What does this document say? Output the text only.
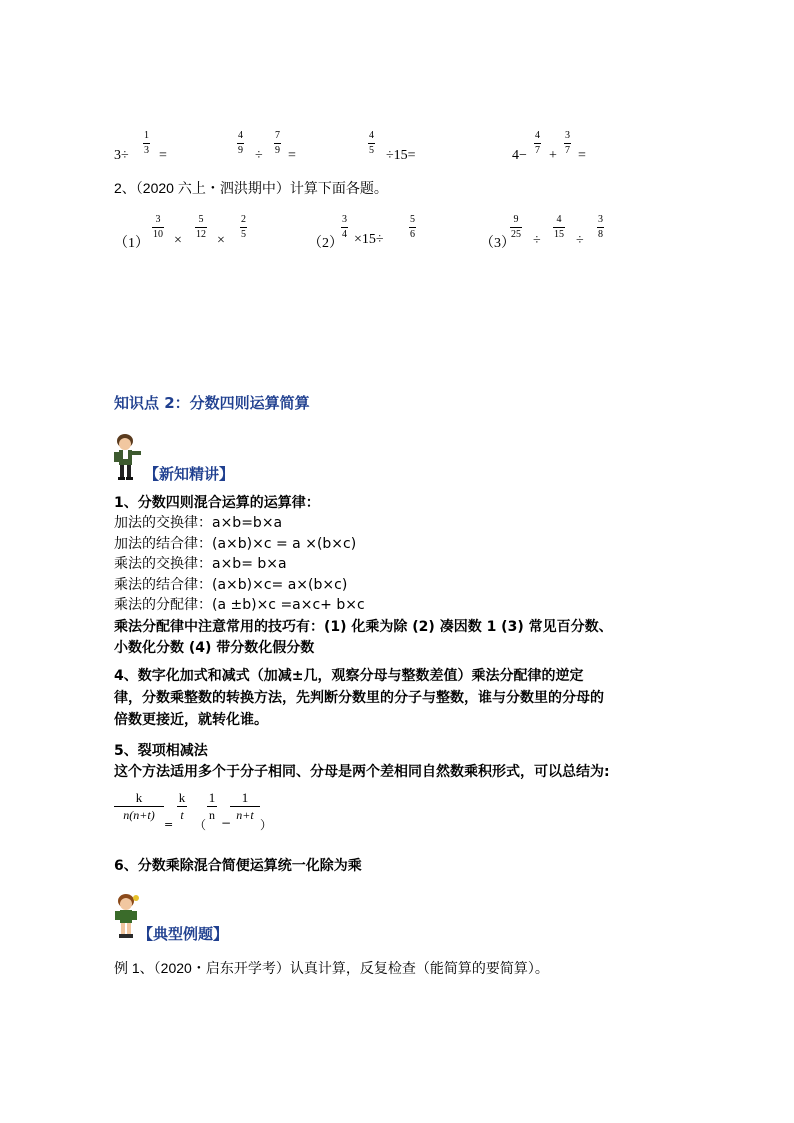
3÷
1
3 =
4
9 ÷
7
9 =
4
5 ÷15=	4−
4
7 +
3
7 =
2、（2020 六上・泗洪期中）计算下面各题。
（1）
3
10 ×
5
12 ×
2
5
（2）
3
4 ×15÷
5
6
（3）
9
25 ÷
4
15 ÷
3
8
知识点 2：分数四则运算简算
【新知精讲】
1、分数四则混合运算的运算律：
加法的交换律：a×b=b×a
加法的结合律：(a×b)×c = a ×(b×c)
乘法的交换律：a×b= b×a
乘法的结合律：(a×b)×c= a×(b×c)
乘法的分配律：(a ±b)×c =a×c+ b×c
乘法分配律中注意常用的技巧有：(1) 化乘为除 (2) 凑因数 1 (3) 常见百分数、
小数化分数 (4) 带分数化假分数
4、数字化加式和减式（加减±几，观察分母与整数差值）乘法分配律的逆定
律，分数乘整数的转换方法，先判断分数里的分子与整数，谁与分数里的分母的
倍数更接近，就转化谁。
5、裂项相减法
这个方法适用多个于分子相同、分母是两个差相同自然数乘积形式，可以总结为:
k
n(n+t)
=
k
t
（
1
n
−
1
n+t
）
6、分数乘除混合简便运算统一化除为乘
【典型例题】
例 1、（2020・启东开学考）认真计算，反复检查（能简算的要简算）。
